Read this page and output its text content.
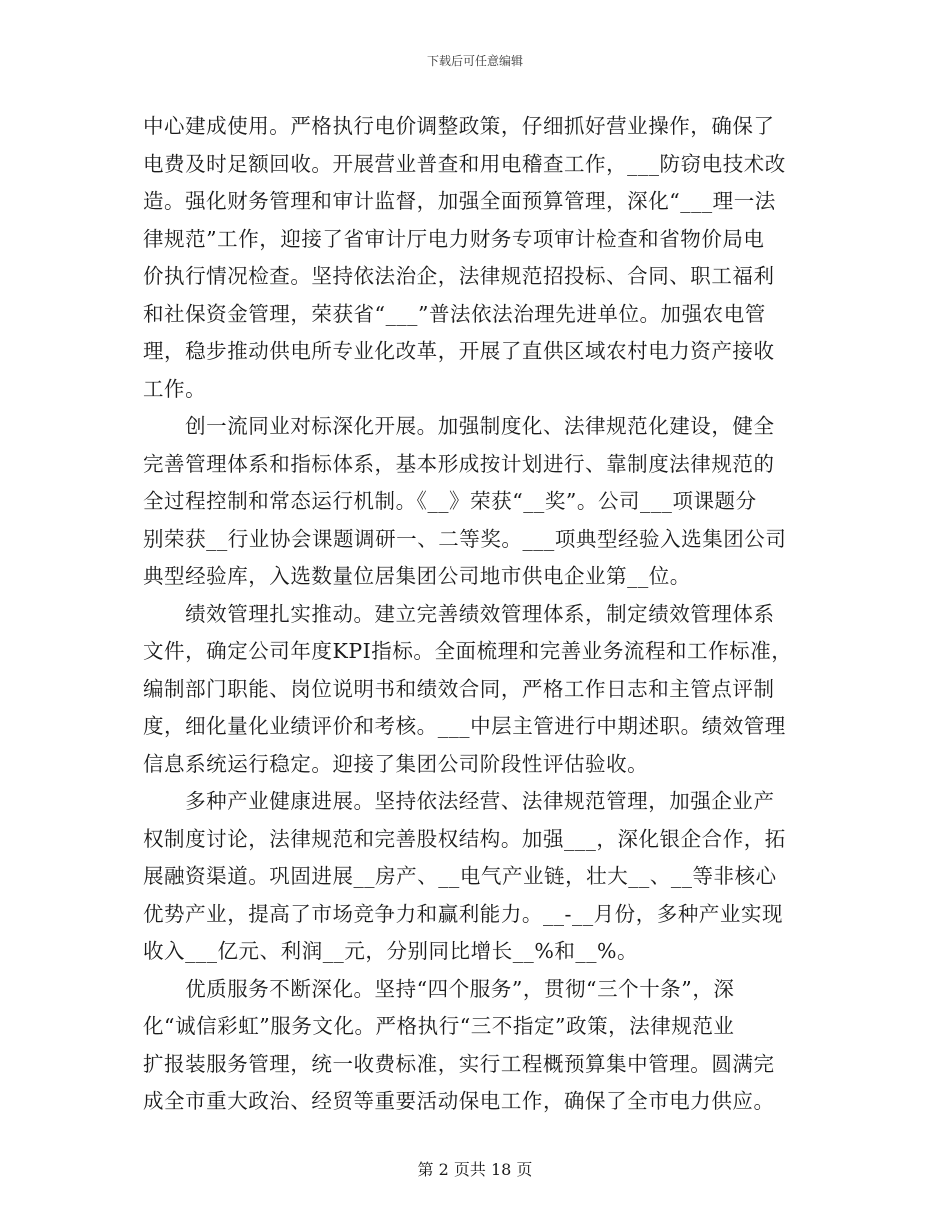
下载后可任意编辑
中心建成使用。严格执行电价调整政策，仔细抓好营业操作，确保了
电费及时足额回收。开展营业普查和用电稽查工作，___防窃电技术改
造。强化财务管理和审计监督，加强全面预算管理，深化“___理一法
律规范”工作，迎接了省审计厅电力财务专项审计检查和省物价局电
价执行情况检查。坚持依法治企，法律规范招投标、合同、职工福利
和社保资金管理，荣获省“___”普法依法治理先进单位。加强农电管
理，稳步推动供电所专业化改革，开展了直供区域农村电力资产接收
工作。
　　创一流同业对标深化开展。加强制度化、法律规范化建设，健全
完善管理体系和指标体系，基本形成按计划进行、靠制度法律规范的
全过程控制和常态运行机制。《__》荣获“__奖”。公司___项课题分
别荣获__行业协会课题调研一、二等奖。___项典型经验入选集团公司
典型经验库，入选数量位居集团公司地市供电企业第__位。
　　绩效管理扎实推动。建立完善绩效管理体系，制定绩效管理体系
文件，确定公司年度KPI指标。全面梳理和完善业务流程和工作标准，
编制部门职能、岗位说明书和绩效合同，严格工作日志和主管点评制
度，细化量化业绩评价和考核。___中层主管进行中期述职。绩效管理
信息系统运行稳定。迎接了集团公司阶段性评估验收。
　　多种产业健康进展。坚持依法经营、法律规范管理，加强企业产
权制度讨论，法律规范和完善股权结构。加强___，深化银企合作，拓
展融资渠道。巩固进展__房产、__电气产业链，壮大__、__等非核心
优势产业，提高了市场竞争力和赢利能力。__-__月份，多种产业实现
收入___亿元、利润__元，分别同比增长__%和__%。
　　优质服务不断深化。坚持“四个服务”，贯彻“三个十条”，深
化“诚信彩虹”服务文化。严格执行“三不指定”政策，法律规范业
扩报装服务管理，统一收费标准，实行工程概预算集中管理。圆满完
成全市重大政治、经贸等重要活动保电工作，确保了全市电力供应。
第 2 页共 18 页
